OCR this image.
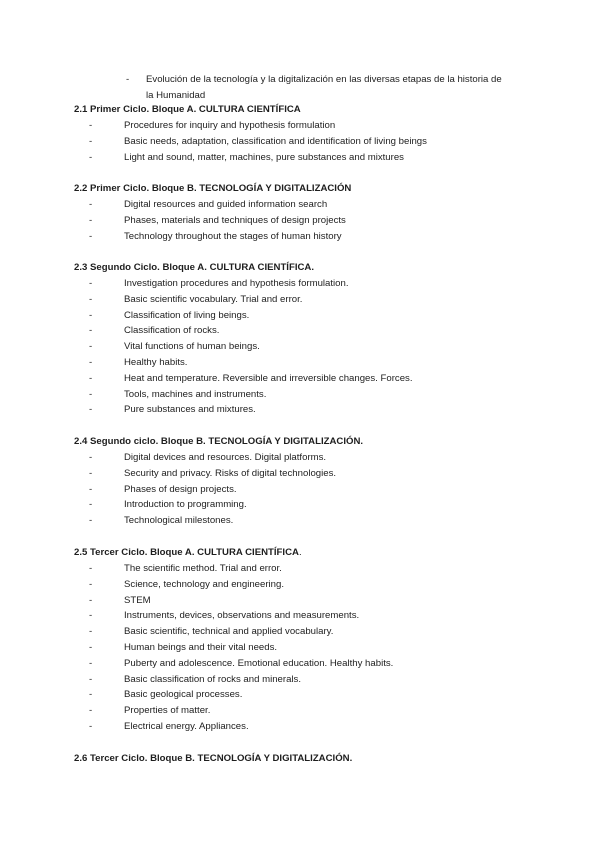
-	Evolución de la tecnología y la digitalización en las diversas etapas de la historia de
la Humanidad
2.1 Primer Ciclo. Bloque A. CULTURA CIENTÍFICA
-	Procedures for inquiry and hypothesis formulation
-	Basic needs, adaptation, classification and identification of living beings
-	Light and sound, matter, machines, pure substances and mixtures
2.2 Primer Ciclo. Bloque B. TECNOLOGÍA Y DIGITALIZACIÓN
-	Digital resources and guided information search
-	Phases, materials and techniques of design projects
-	Technology throughout the stages of human history
2.3 Segundo Ciclo. Bloque A. CULTURA CIENTÍFICA.
-	Investigation procedures and hypothesis formulation.
-	Basic scientific vocabulary. Trial and error.
-	Classification of living beings.
-	Classification of rocks.
-	Vital functions of human beings.
-	Healthy habits.
-	Heat and temperature. Reversible and irreversible changes. Forces.
-	Tools, machines and instruments.
-	Pure substances and mixtures.
2.4 Segundo ciclo. Bloque B. TECNOLOGÍA Y DIGITALIZACIÓN.
-	Digital devices and resources. Digital platforms.
-	Security and privacy. Risks of digital technologies.
-	Phases of design projects.
-	Introduction to programming.
-	Technological milestones.
2.5 Tercer Ciclo. Bloque A. CULTURA CIENTÍFICA.
-	The scientific method. Trial and error.
-	Science, technology and engineering.
-	STEM
-	Instruments, devices, observations and measurements.
-	Basic scientific, technical and applied vocabulary.
-	Human beings and their vital needs.
-	Puberty and adolescence. Emotional education. Healthy habits.
-	Basic classification of rocks and minerals.
-	Basic geological processes.
-	Properties of matter.
-	Electrical energy. Appliances.
2.6 Tercer Ciclo. Bloque B. TECNOLOGÍA Y DIGITALIZACIÓN.
